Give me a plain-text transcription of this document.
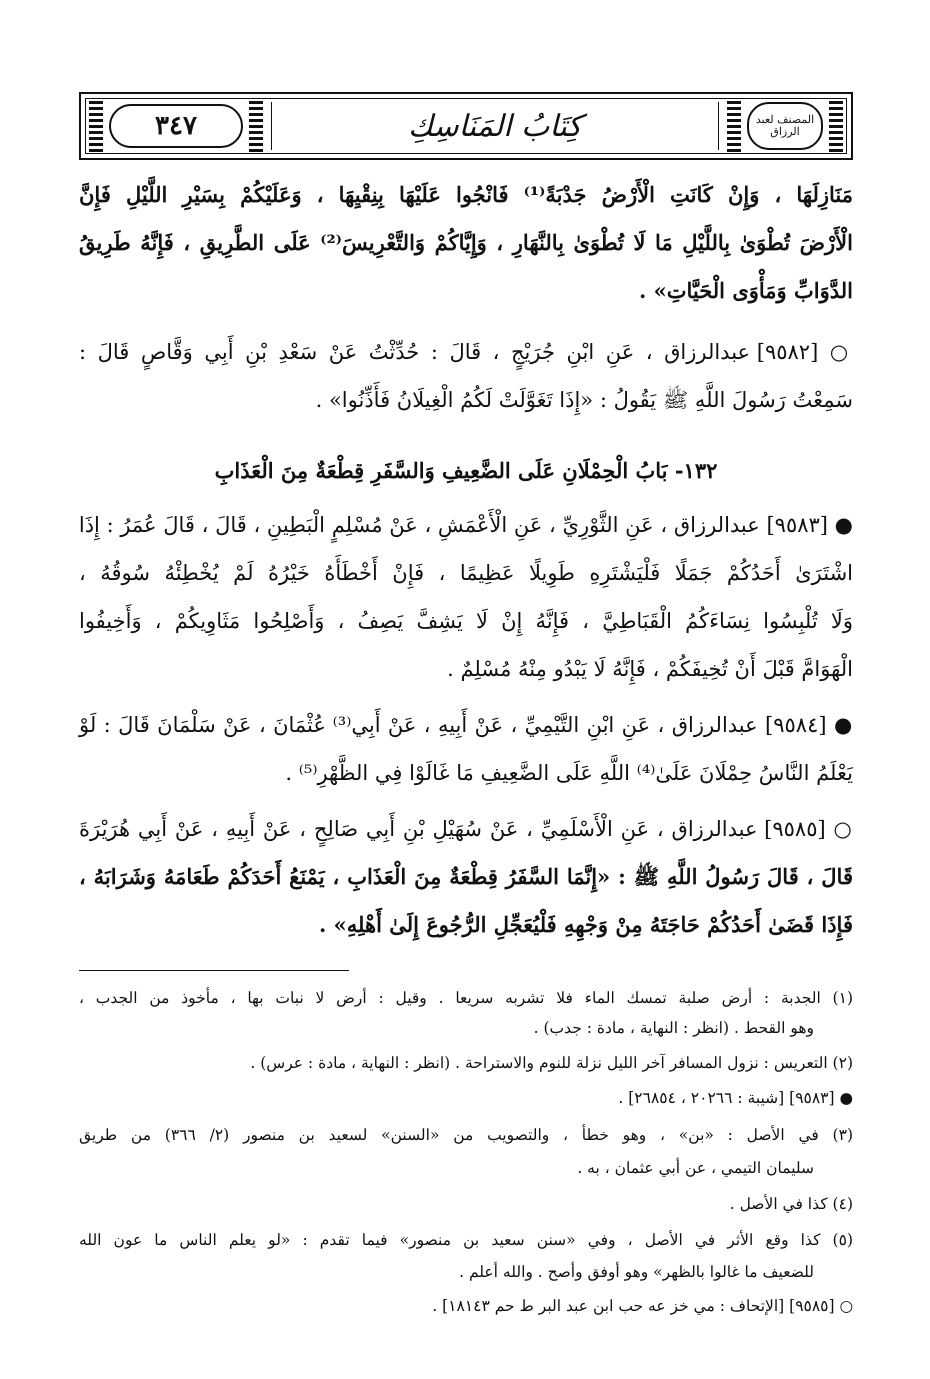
٣٤٧	كِتَابُ المَنَاسِكِ	المصنف لعبد الرزاق
مَنَازِلَهَا ، وَإِنْ كَانَتِ الْأَرْضُ جَدْبَةً⁽¹⁾ فَانْجُوا عَلَيْهَا بِنِقْيِهَا ، وَعَلَيْكُمْ بِسَيْرِ اللَّيْلِ فَإِنَّ
الْأَرْضَ تُطْوَىٰ بِاللَّيْلِ مَا لَا تُطْوَىٰ بِالنَّهَارِ ، وَإِيَّاكُمْ وَالتَّعْرِيسَ⁽²⁾ عَلَى الطَّرِيقِ ، فَإِنَّهُ طَرِيقُ
الدَّوَابِّ وَمَأْوَى الْحَيَّاتِ» .
○ [٩٥٨٢] عبدالرزاق ، عَنِ ابْنِ جُرَيْجٍ ، قَالَ : حُدِّثْتُ عَنْ سَعْدِ بْنِ أَبِي وَقَّاصٍ قَالَ :
سَمِعْتُ رَسُولَ اللَّهِ ﷺ يَقُولُ : «إِذَا تَغَوَّلَتْ لَكُمُ الْغِيلَانُ فَأَذِّنُوا» .
١٣٢- بَابُ الْحِمْلَانِ عَلَى الضَّعِيفِ وَالسَّفَرِ قِطْعَةٌ مِنَ الْعَذَابِ
● [٩٥٨٣] عبدالرزاق ، عَنِ الثَّوْرِيِّ ، عَنِ الْأَعْمَشِ ، عَنْ مُسْلِمٍ الْبَطِينِ ، قَالَ ، قَالَ عُمَرُ : إِذَا
اشْتَرَىٰ أَحَدُكُمْ جَمَلًا فَلْيَشْتَرِهِ طَوِيلًا عَظِيمًا ، فَإِنْ أَخْطَأَهُ خَيْرُهُ لَمْ يُخْطِئْهُ سُوقُهُ ،
وَلَا تُلْبِسُوا نِسَاءَكُمُ الْقَبَاطِيَّ ، فَإِنَّهُ إِنْ لَا يَشِفَّ يَصِفُ ، وَأَصْلِحُوا مَثَاوِيكُمْ ، وَأَخِيفُوا
الْهَوَامَّ قَبْلَ أَنْ تُخِيفَكُمْ ، فَإِنَّهُ لَا يَبْدُو مِنْهُ مُسْلِمٌ .
● [٩٥٨٤] عبدالرزاق ، عَنِ ابْنِ التَّيْمِيِّ ، عَنْ أَبِيهِ ، عَنْ أَبِي⁽³⁾ عُثْمَانَ ، عَنْ سَلْمَانَ قَالَ : لَوْ
يَعْلَمُ النَّاسُ حِمْلَانَ عَلَىٰ⁽⁴⁾ اللَّهِ عَلَى الضَّعِيفِ مَا غَالَوْا فِي الظَّهْرِ⁽⁵⁾ .
○ [٩٥٨٥] عبدالرزاق ، عَنِ الْأَسْلَمِيِّ ، عَنْ سُهَيْلِ بْنِ أَبِي صَالِحٍ ، عَنْ أَبِيهِ ، عَنْ أَبِي هُرَيْرَةَ
قَالَ ، قَالَ رَسُولُ اللَّهِ ﷺ : «إِنَّمَا السَّفَرُ قِطْعَةٌ مِنَ الْعَذَابِ ، يَمْنَعُ أَحَدَكُمْ طَعَامَهُ وَشَرَابَهُ ،
فَإِذَا قَضَىٰ أَحَدُكُمْ حَاجَتَهُ مِنْ وَجْهِهِ فَلْيُعَجِّلِ الرُّجُوعَ إِلَىٰ أَهْلِهِ» .
(١) الجدبة : أرض صلبة تمسك الماء فلا تشربه سريعا . وقيل : أرض لا نبات بها ، مأخوذ من الجدب ،
وهو القحط . (انظر : النهاية ، مادة : جدب) .
(٢) التعريس : نزول المسافر آخر الليل نزلة للنوم والاستراحة . (انظر : النهاية ، مادة : عرس) .
● [٩٥٨٣] [شيبة : ٢٠٢٦٦ ، ٢٦٨٥٤] .
(٣) في الأصل : «بن» ، وهو خطأ ، والتصويب من «السنن» لسعيد بن منصور (٢/ ٣٦٦) من طريق
سليمان التيمي ، عن أبي عثمان ، به .
(٤) كذا في الأصل .
(٥) كذا وقع الأثر في الأصل ، وفي «سنن سعيد بن منصور» فيما تقدم : «لو يعلم الناس ما عون الله
للضعيف ما غالوا بالظهر» وهو أوفق وأصح . والله أعلم .
○ [٩٥٨٥] [الإتحاف : مي خز عه حب ابن عبد البر ط حم ١٨١٤٣] .
